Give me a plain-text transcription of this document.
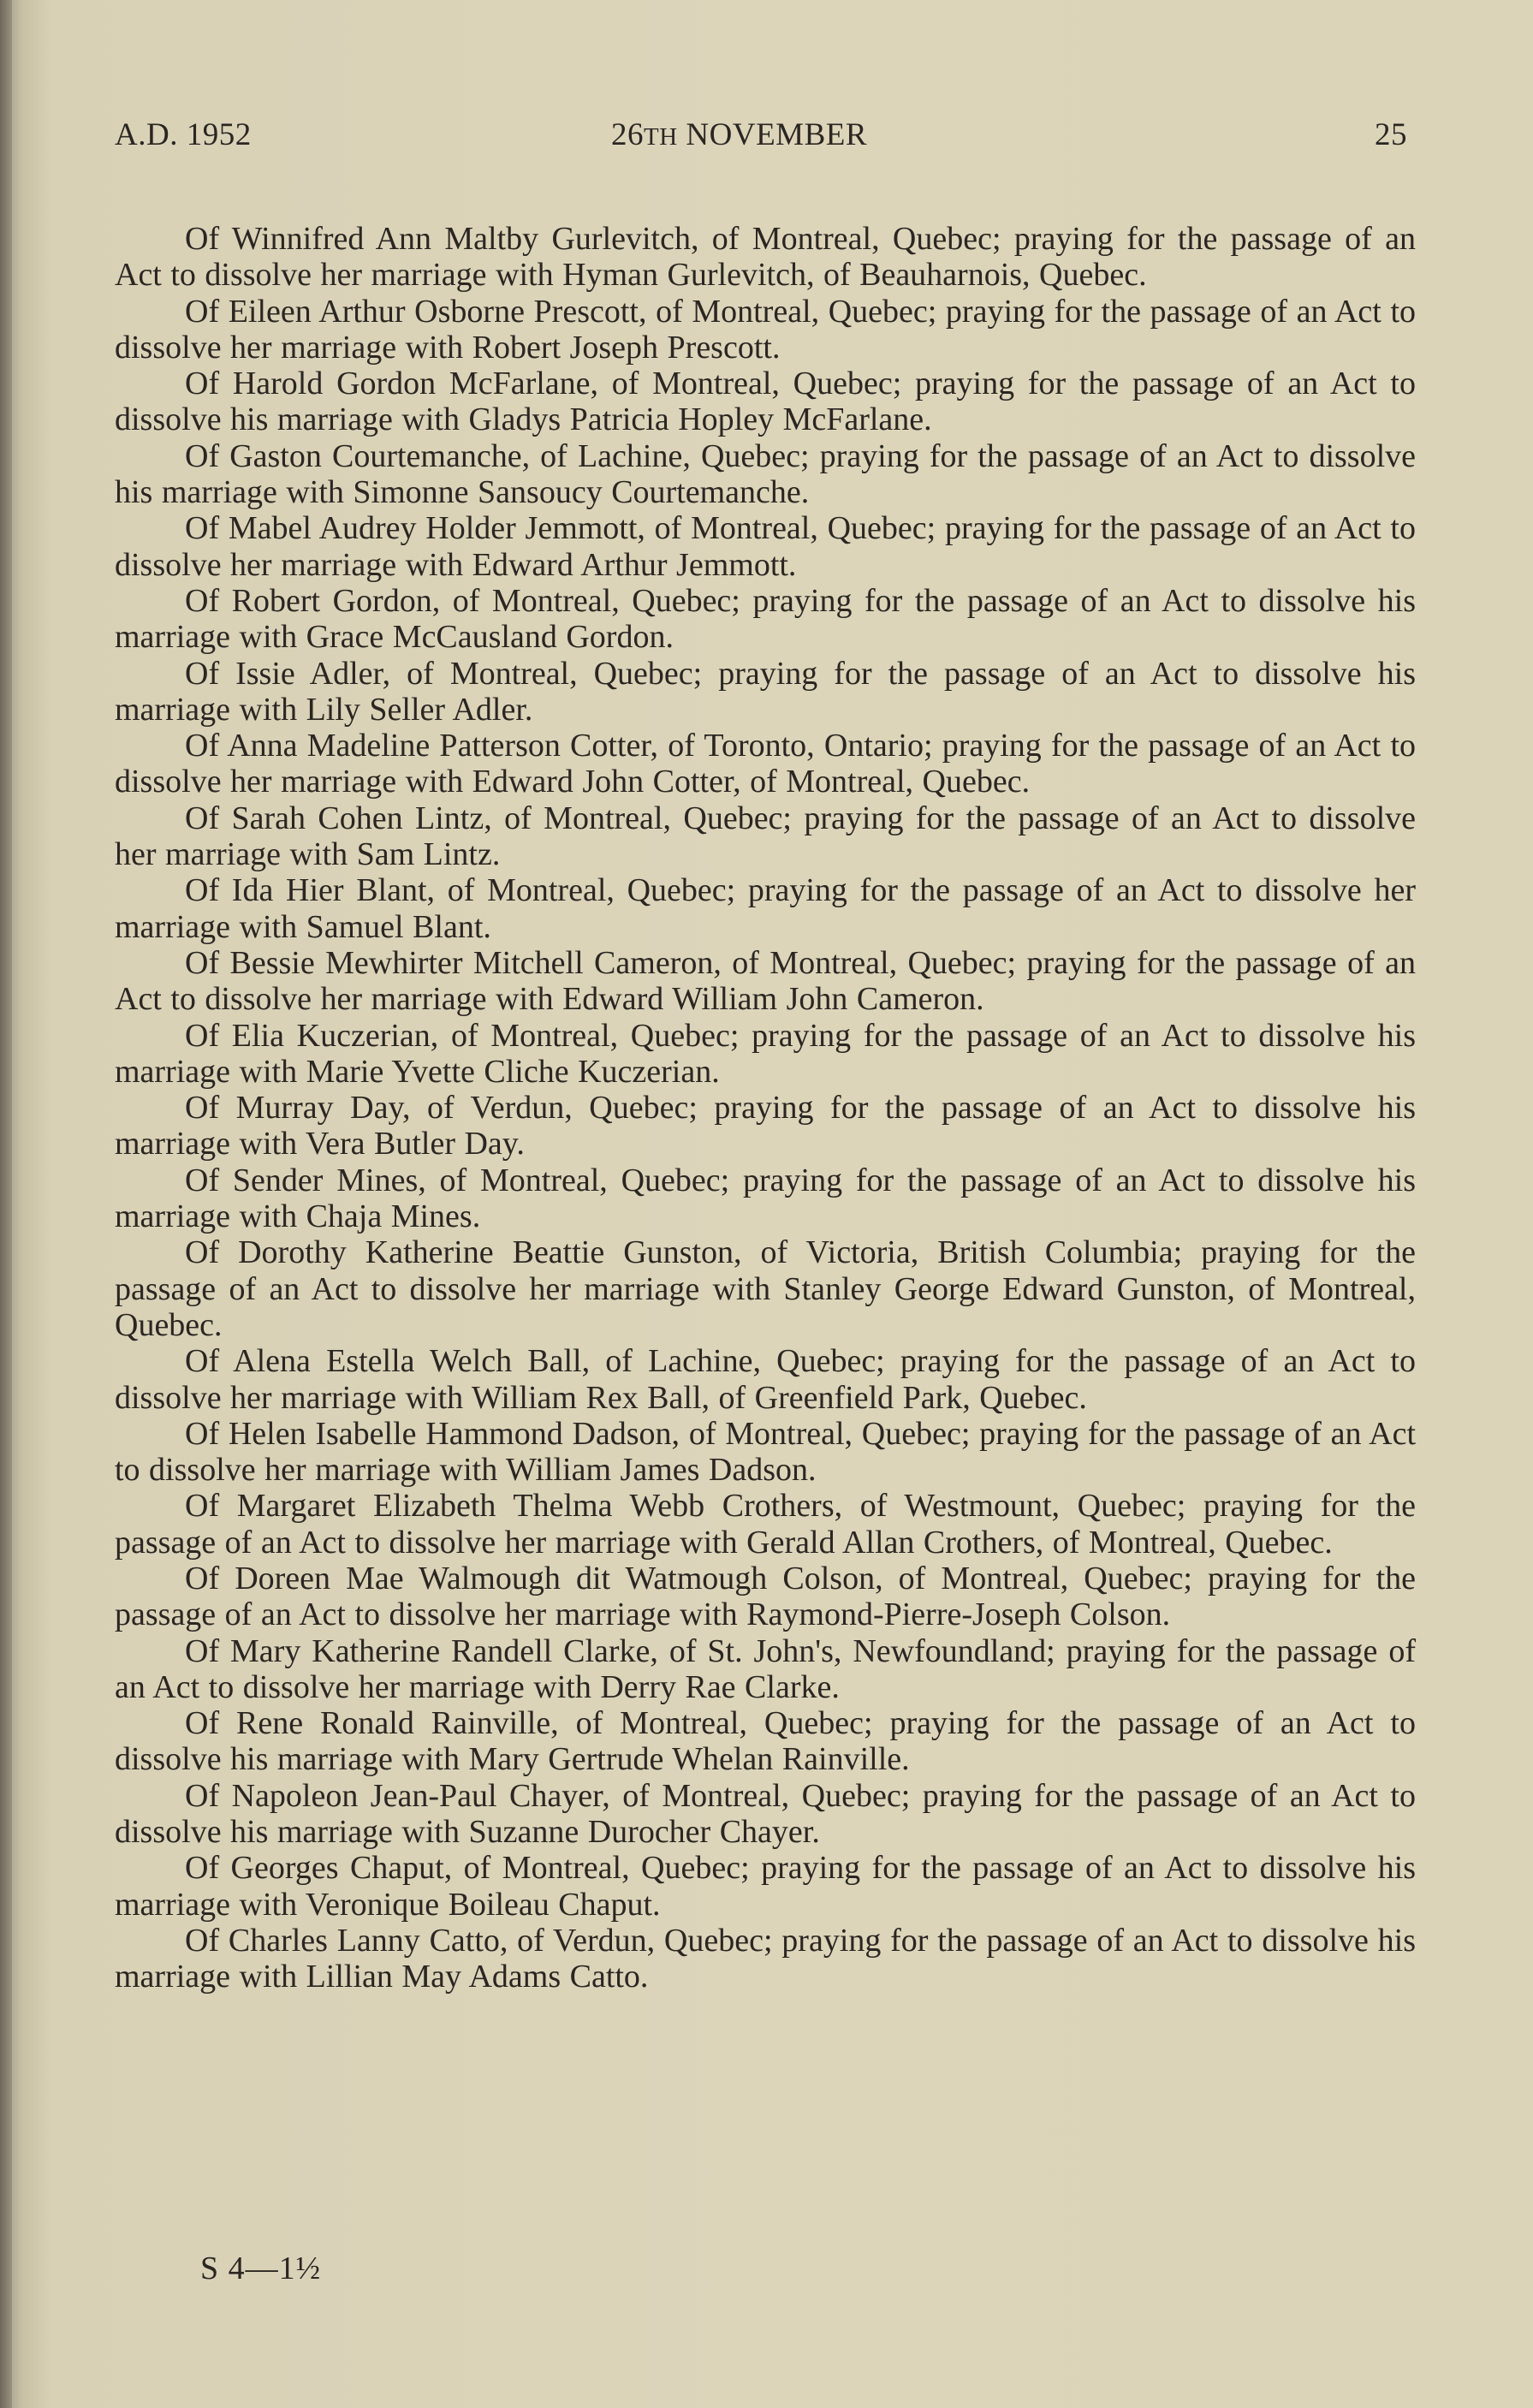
A.D. 1952	26TH NOVEMBER	25

Of Winnifred Ann Maltby Gurlevitch, of Montreal, Quebec; praying for the passage of an Act to dissolve her marriage with Hyman Gurlevitch, of Beauharnois, Quebec.

Of Eileen Arthur Osborne Prescott, of Montreal, Quebec; praying for the passage of an Act to dissolve her marriage with Robert Joseph Prescott.

Of Harold Gordon McFarlane, of Montreal, Quebec; praying for the passage of an Act to dissolve his marriage with Gladys Patricia Hopley McFarlane.

Of Gaston Courtemanche, of Lachine, Quebec; praying for the passage of an Act to dissolve his marriage with Simonne Sansoucy Courtemanche.

Of Mabel Audrey Holder Jemmott, of Montreal, Quebec; praying for the passage of an Act to dissolve her marriage with Edward Arthur Jemmott.

Of Robert Gordon, of Montreal, Quebec; praying for the passage of an Act to dissolve his marriage with Grace McCausland Gordon.

Of Issie Adler, of Montreal, Quebec; praying for the passage of an Act to dissolve his marriage with Lily Seller Adler.

Of Anna Madeline Patterson Cotter, of Toronto, Ontario; praying for the passage of an Act to dissolve her marriage with Edward John Cotter, of Montreal, Quebec.

Of Sarah Cohen Lintz, of Montreal, Quebec; praying for the passage of an Act to dissolve her marriage with Sam Lintz.

Of Ida Hier Blant, of Montreal, Quebec; praying for the passage of an Act to dissolve her marriage with Samuel Blant.

Of Bessie Mewhirter Mitchell Cameron, of Montreal, Quebec; praying for the passage of an Act to dissolve her marriage with Edward William John Cameron.

Of Elia Kuczerian, of Montreal, Quebec; praying for the passage of an Act to dissolve his marriage with Marie Yvette Cliche Kuczerian.

Of Murray Day, of Verdun, Quebec; praying for the passage of an Act to dissolve his marriage with Vera Butler Day.

Of Sender Mines, of Montreal, Quebec; praying for the passage of an Act to dissolve his marriage with Chaja Mines.

Of Dorothy Katherine Beattie Gunston, of Victoria, British Columbia; praying for the passage of an Act to dissolve her marriage with Stanley George Edward Gunston, of Montreal, Quebec.

Of Alena Estella Welch Ball, of Lachine, Quebec; praying for the passage of an Act to dissolve her marriage with William Rex Ball, of Greenfield Park, Quebec.

Of Helen Isabelle Hammond Dadson, of Montreal, Quebec; praying for the passage of an Act to dissolve her marriage with William James Dadson.

Of Margaret Elizabeth Thelma Webb Crothers, of Westmount, Quebec; praying for the passage of an Act to dissolve her marriage with Gerald Allan Crothers, of Montreal, Quebec.

Of Doreen Mae Walmough dit Watmough Colson, of Montreal, Quebec; praying for the passage of an Act to dissolve her marriage with Raymond-Pierre-Joseph Colson.

Of Mary Katherine Randell Clarke, of St. John's, Newfoundland; praying for the passage of an Act to dissolve her marriage with Derry Rae Clarke.

Of Rene Ronald Rainville, of Montreal, Quebec; praying for the passage of an Act to dissolve his marriage with Mary Gertrude Whelan Rainville.

Of Napoleon Jean-Paul Chayer, of Montreal, Quebec; praying for the passage of an Act to dissolve his marriage with Suzanne Durocher Chayer.

Of Georges Chaput, of Montreal, Quebec; praying for the passage of an Act to dissolve his marriage with Veronique Boileau Chaput.

Of Charles Lanny Catto, of Verdun, Quebec; praying for the passage of an Act to dissolve his marriage with Lillian May Adams Catto.

S 4—1½
